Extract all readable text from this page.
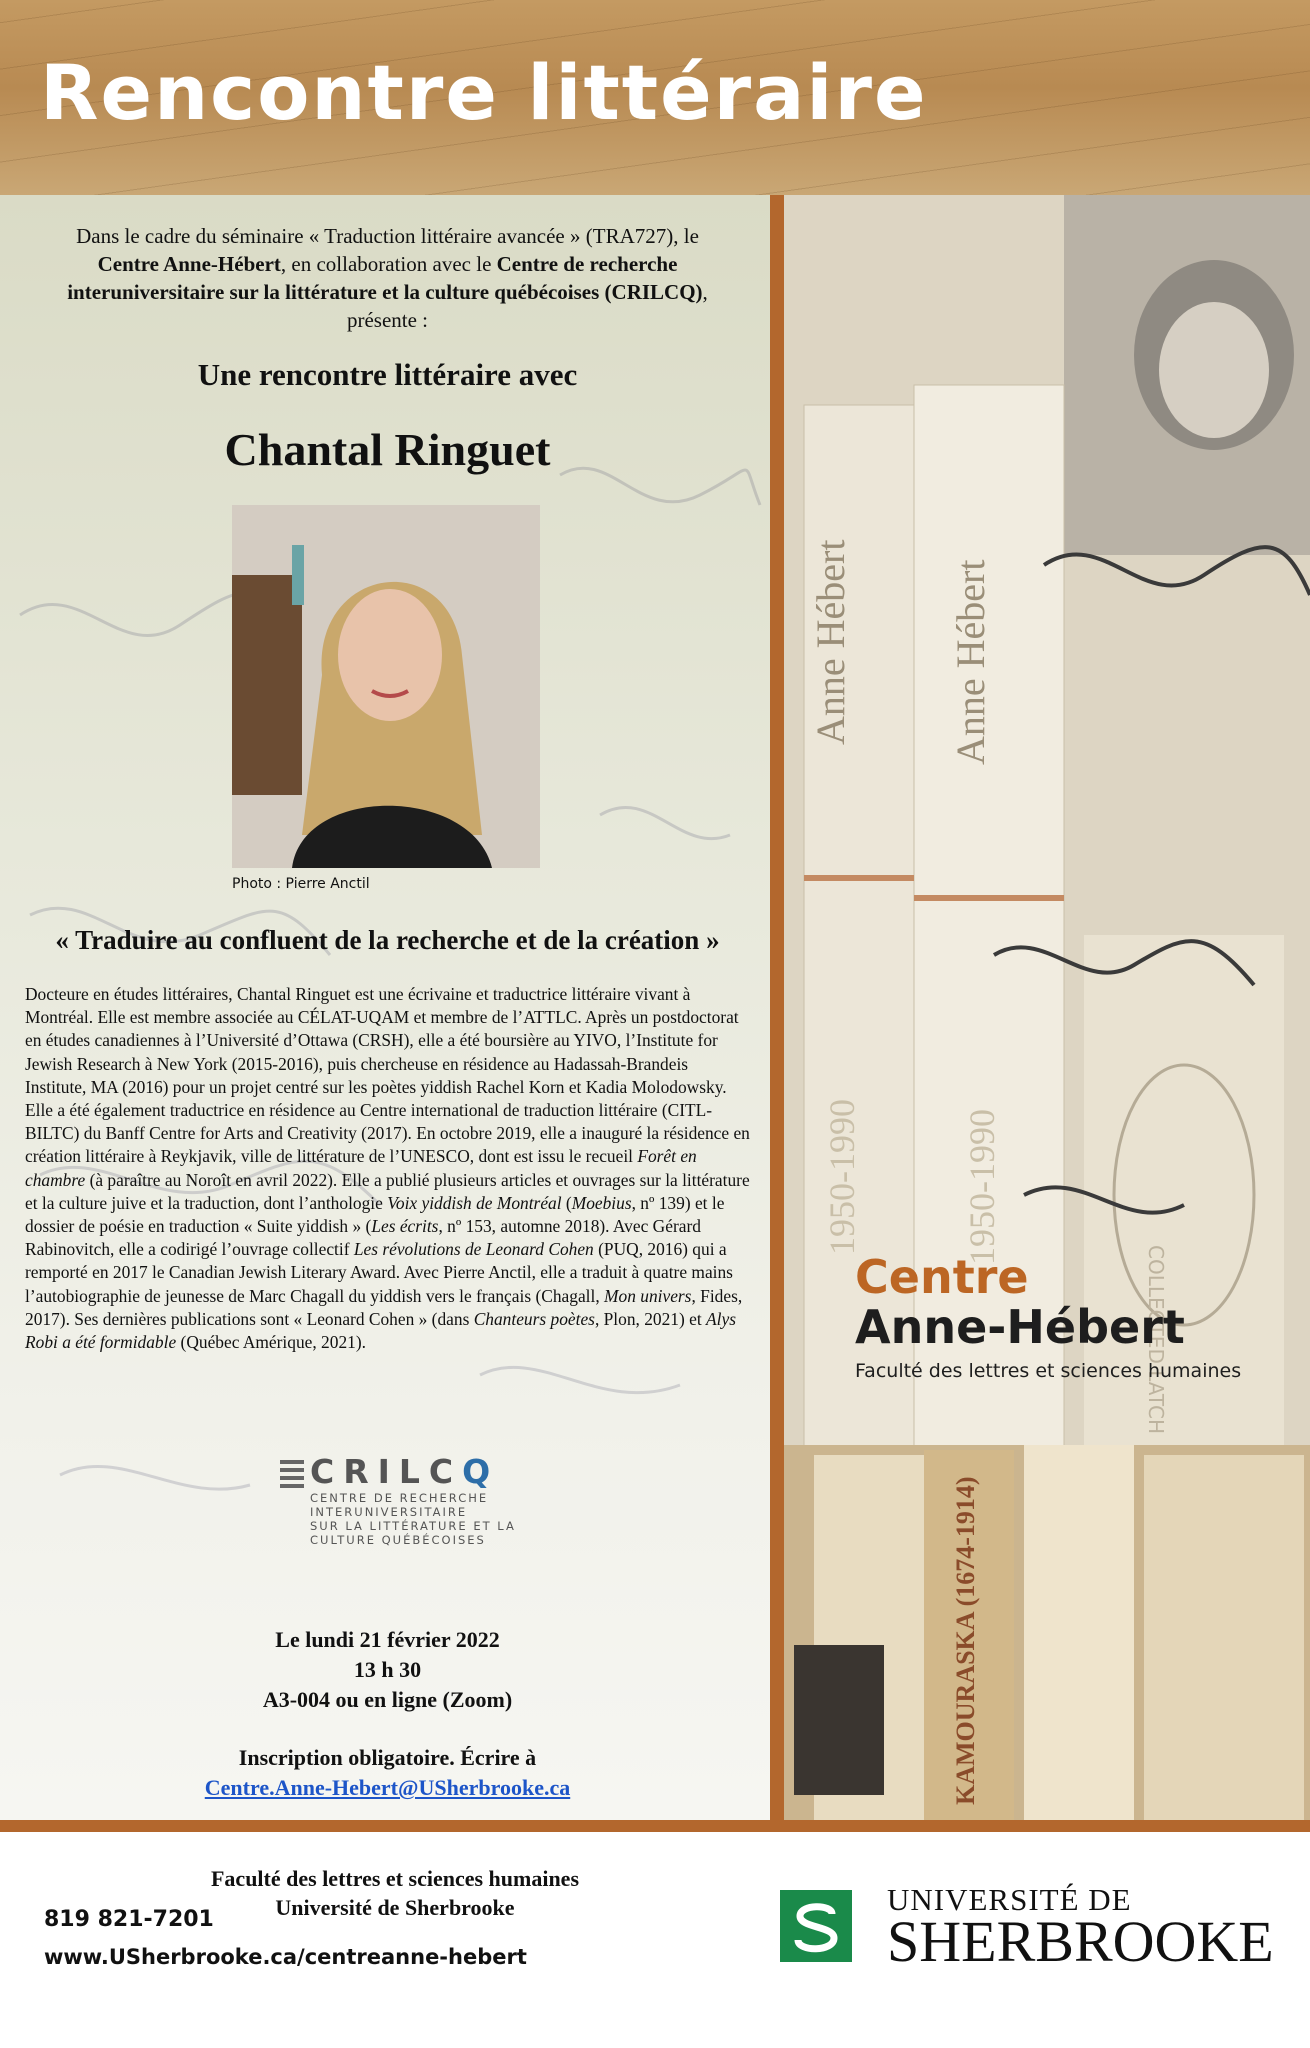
Rencontre littéraire
Anne Hébert Anne Hébert
1950-1990	1950-1990
COLLECTED LATCH
KAMOURASKA (1674-1914)
Centre
Anne-Hébert
Faculté des lettres et sciences humaines
Dans le cadre du séminaire « Traduction littéraire avancée » (TRA727), le
Centre Anne-Hébert, en collaboration avec le Centre de recherche
interuniversitaire sur la littérature et la culture québécoises (CRILCQ),
présente :
Une rencontre littéraire avec
Chantal Ringuet
Photo : Pierre Anctil
« Traduire au confluent de la recherche et de la création »
Docteure en études littéraires, Chantal Ringuet est une écrivaine et traductrice littéraire vivant à Montréal. Elle est membre associée au CÉLAT-UQAM et membre de l’ATTLC. Après un postdoctorat en études canadiennes à l’Université d’Ottawa (CRSH), elle a été boursière au YIVO, l’Institute for Jewish Research à New York (2015-2016), puis chercheuse en résidence au Hadassah-Brandeis Institute, MA (2016) pour un projet centré sur les poètes yiddish Rachel Korn et Kadia Molodowsky. Elle a été également traductrice en résidence au Centre international de traduction littéraire (CITL-BILTC) du Banff Centre for Arts and Creativity (2017). En octobre 2019, elle a inauguré la résidence en création littéraire à Reykjavik, ville de littérature de l’UNESCO, dont est issu le recueil Forêt en chambre (à paraître au Noroît en avril 2022). Elle a publié plusieurs articles et ouvrages sur la littérature et la culture juive et la traduction, dont l’anthologie Voix yiddish de Montréal (Moebius, nº 139) et le dossier de poésie en traduction « Suite yiddish » (Les écrits, nº 153, automne 2018). Avec Gérard Rabinovitch, elle a codirigé l’ouvrage collectif Les révolutions de Leonard Cohen (PUQ, 2016) qui a remporté en 2017 le Canadian Jewish Literary Award. Avec Pierre Anctil, elle a traduit à quatre mains l’autobiographie de jeunesse de Marc Chagall du yiddish vers le français (Chagall, Mon univers, Fides, 2017). Ses dernières publications sont « Leonard Cohen » (dans Chanteurs poètes, Plon, 2021) et Alys Robi a été formidable (Québec Amérique, 2021).
CRILCQ
CENTRE DE RECHERCHE
INTERUNIVERSITAIRE
SUR LA LITTÉRATURE ET LA
CULTURE QUÉBÉCOISES
Le lundi 21 février 2022
13 h 30
A3-004 ou en ligne (Zoom)
Inscription obligatoire. Écrire à
Centre.Anne-Hebert@USherbrooke.ca
Faculté des lettres et sciences humaines
Université de Sherbrooke
819 821-7201
www.USherbrooke.ca/centreanne-hebert
UNIVERSITÉ DE
SHERBROOKE
